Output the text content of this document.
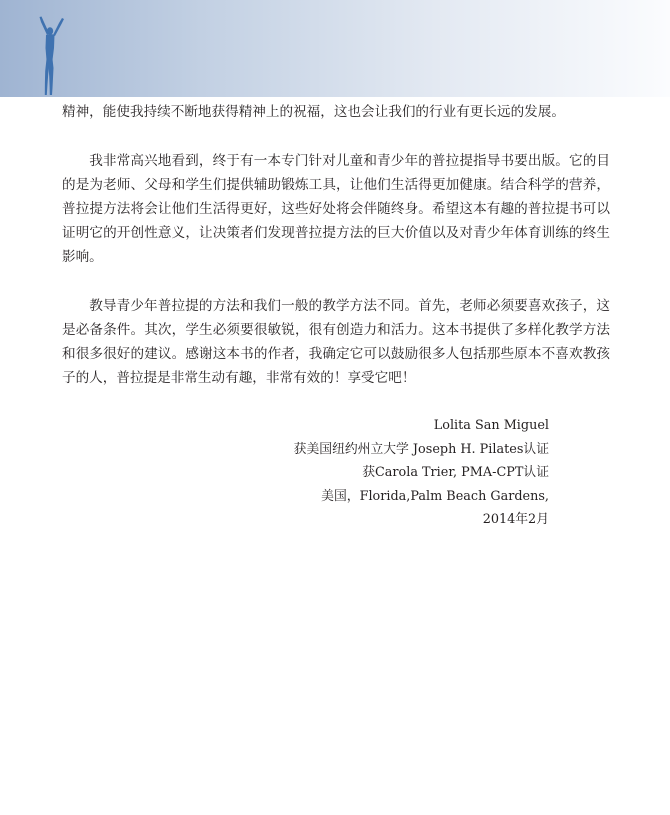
精神，能使我持续不断地获得精神上的祝福，这也会让我们的行业有更长远的发展。

我非常高兴地看到，终于有一本专门针对儿童和青少年的普拉提指导书要出版。它的目的是为老师、父母和学生们提供辅助锻炼工具，让他们生活得更加健康。结合科学的营养，普拉提方法将会让他们生活得更好，这些好处将会伴随终身。希望这本有趣的普拉提书可以证明它的开创性意义，让决策者们发现普拉提方法的巨大价值以及对青少年体育训练的终生影响。

教导青少年普拉提的方法和我们一般的教学方法不同。首先，老师必须要喜欢孩子，这是必备条件。其次，学生必须要很敏锐，很有创造力和活力。这本书提供了多样化教学方法和很多很好的建议。感谢这本书的作者，我确定它可以鼓励很多人包括那些原本不喜欢教孩子的人，普拉提是非常生动有趣，非常有效的！享受它吧！

Lolita San Miguel
获美国纽约州立大学 Joseph H. Pilates认证
获Carola Trier, PMA-CPT认证
美国，Florida,Palm Beach Gardens,
2014年2月
